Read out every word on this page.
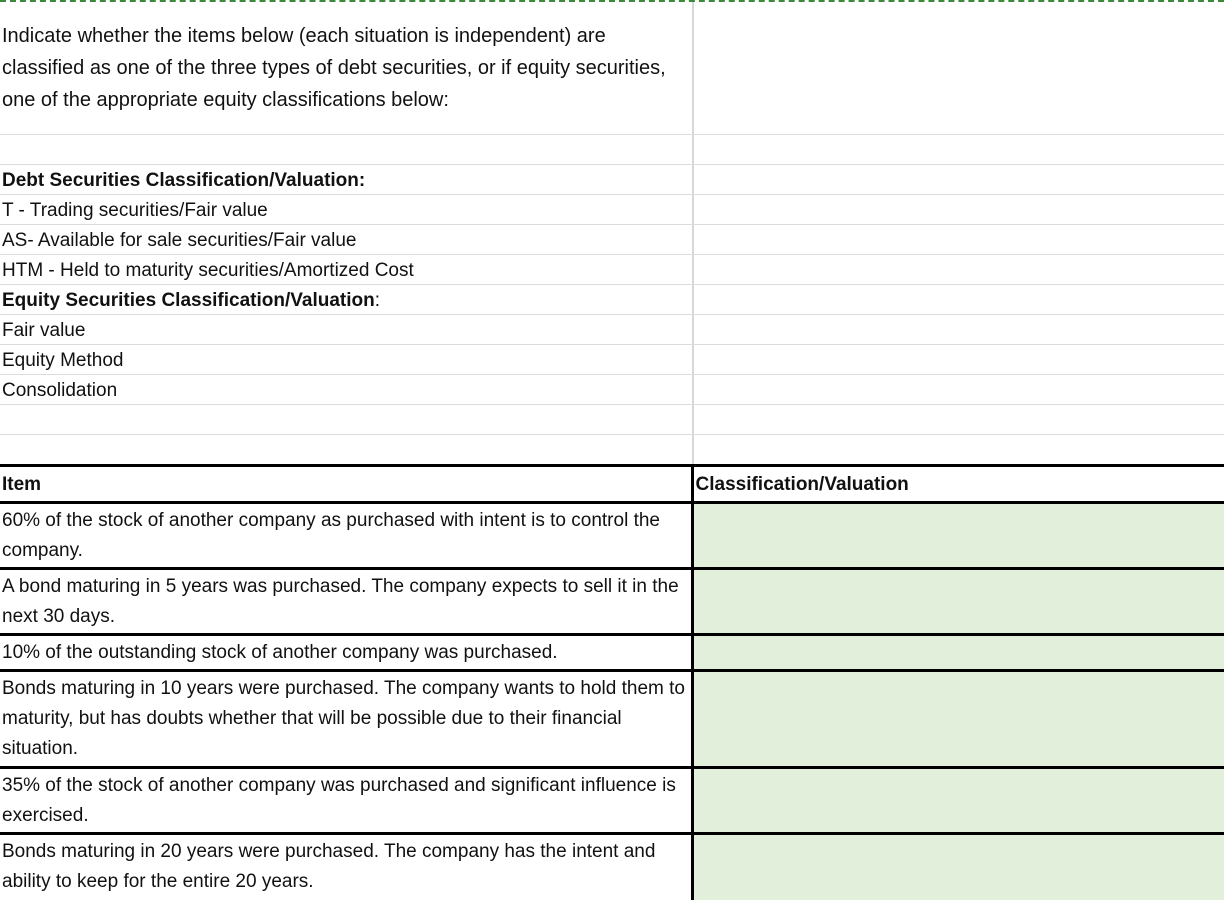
Indicate whether the items below (each situation is independent) are classified as one of the three types of debt securities, or if equity securities, one of the appropriate equity classifications below:

Debt Securities Classification/Valuation:
T - Trading securities/Fair value
AS- Available for sale securities/Fair value
HTM - Held to maturity securities/Amortized Cost
Equity Securities Classification/Valuation:
Fair value
Equity Method
Consolidation
Item	Classification/Valuation
60% of the stock of another company as purchased with intent is to control the company.	
A bond maturing in 5 years was purchased. The company expects to sell it in the next 30 days.	
10% of the outstanding stock of another company was purchased.	
Bonds maturing in 10 years were purchased. The company wants to hold them to maturity, but has doubts whether that will be possible due to their financial situation.	
35% of the stock of another company was purchased and significant influence is exercised.	
Bonds maturing in 20 years were purchased. The company has the intent and ability to keep for the entire 20 years.	
